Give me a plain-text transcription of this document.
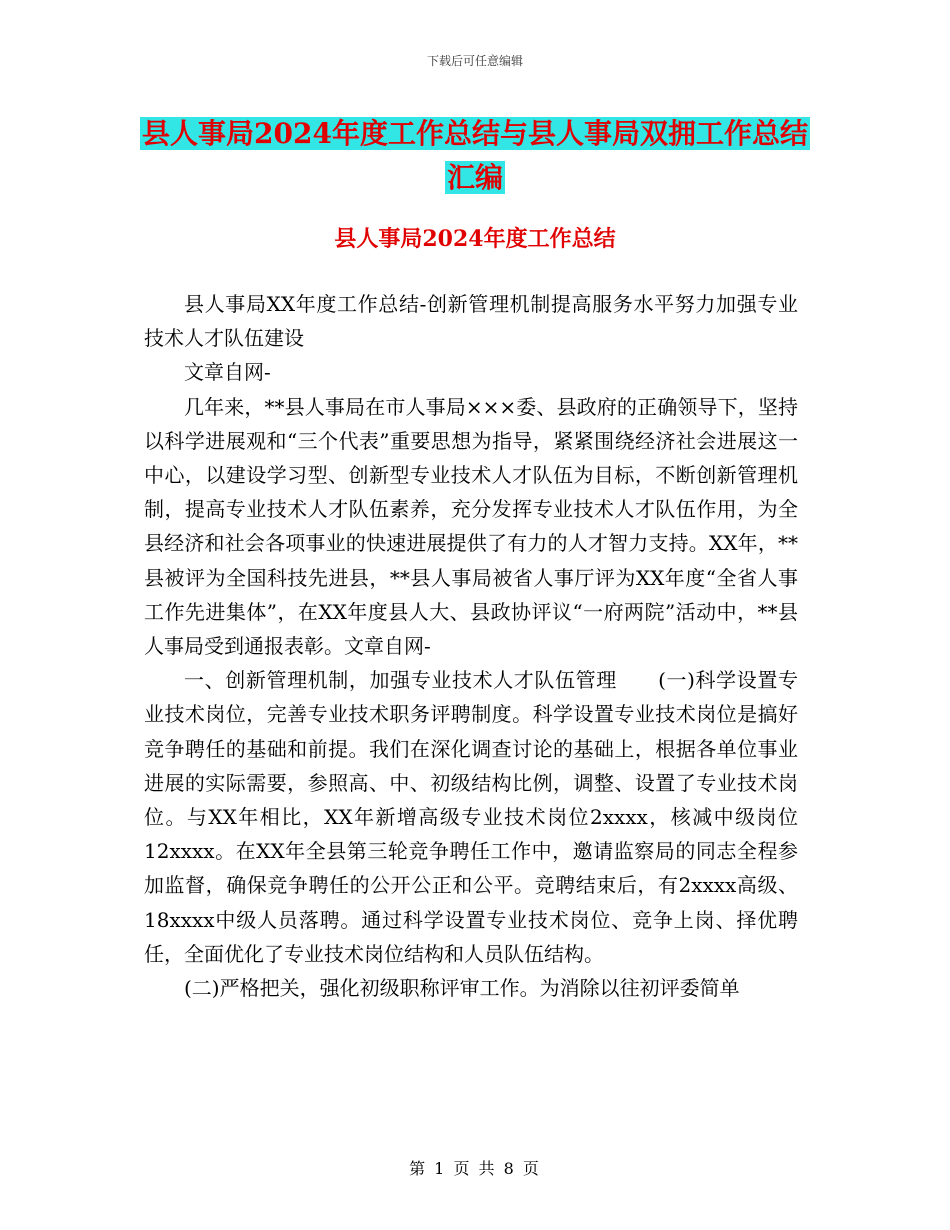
下载后可任意编辑
县人事局2024年度工作总结与县人事局双拥工作总结
汇编
县人事局2024年度工作总结

县人事局XX年度工作总结-创新管理机制提高服务水平努力加强专业技术人才队伍建设

文章自网-

几年来，**县人事局在市人事局×××委、县政府的正确领导下，坚持以科学进展观和“三个代表”重要思想为指导，紧紧围绕经济社会进展这一中心，以建设学习型、创新型专业技术人才队伍为目标，不断创新管理机制，提高专业技术人才队伍素养，充分发挥专业技术人才队伍作用，为全县经济和社会各项事业的快速进展提供了有力的人才智力支持。XX年，**县被评为全国科技先进县，**县人事局被省人事厅评为XX年度“全省人事工作先进集体”，在XX年度县人大、县政协评议“一府两院”活动中，**县人事局受到通报表彰。文章自网-

一、创新管理机制，加强专业技术人才队伍管理　　(一)科学设置专业技术岗位，完善专业技术职务评聘制度。科学设置专业技术岗位是搞好竞争聘任的基础和前提。我们在深化调查讨论的基础上，根据各单位事业进展的实际需要，参照高、中、初级结构比例，调整、设置了专业技术岗位。与XX年相比，XX年新增高级专业技术岗位2xxxx，核减中级岗位12xxxx。在XX年全县第三轮竞争聘任工作中，邀请监察局的同志全程参加监督，确保竞争聘任的公开公正和公平。竞聘结束后，有2xxxx高级、18xxxx中级人员落聘。通过科学设置专业技术岗位、竞争上岗、择优聘任，全面优化了专业技术岗位结构和人员队伍结构。

(二)严格把关，强化初级职称评审工作。为消除以往初评委简单

第 1 页 共 8 页
